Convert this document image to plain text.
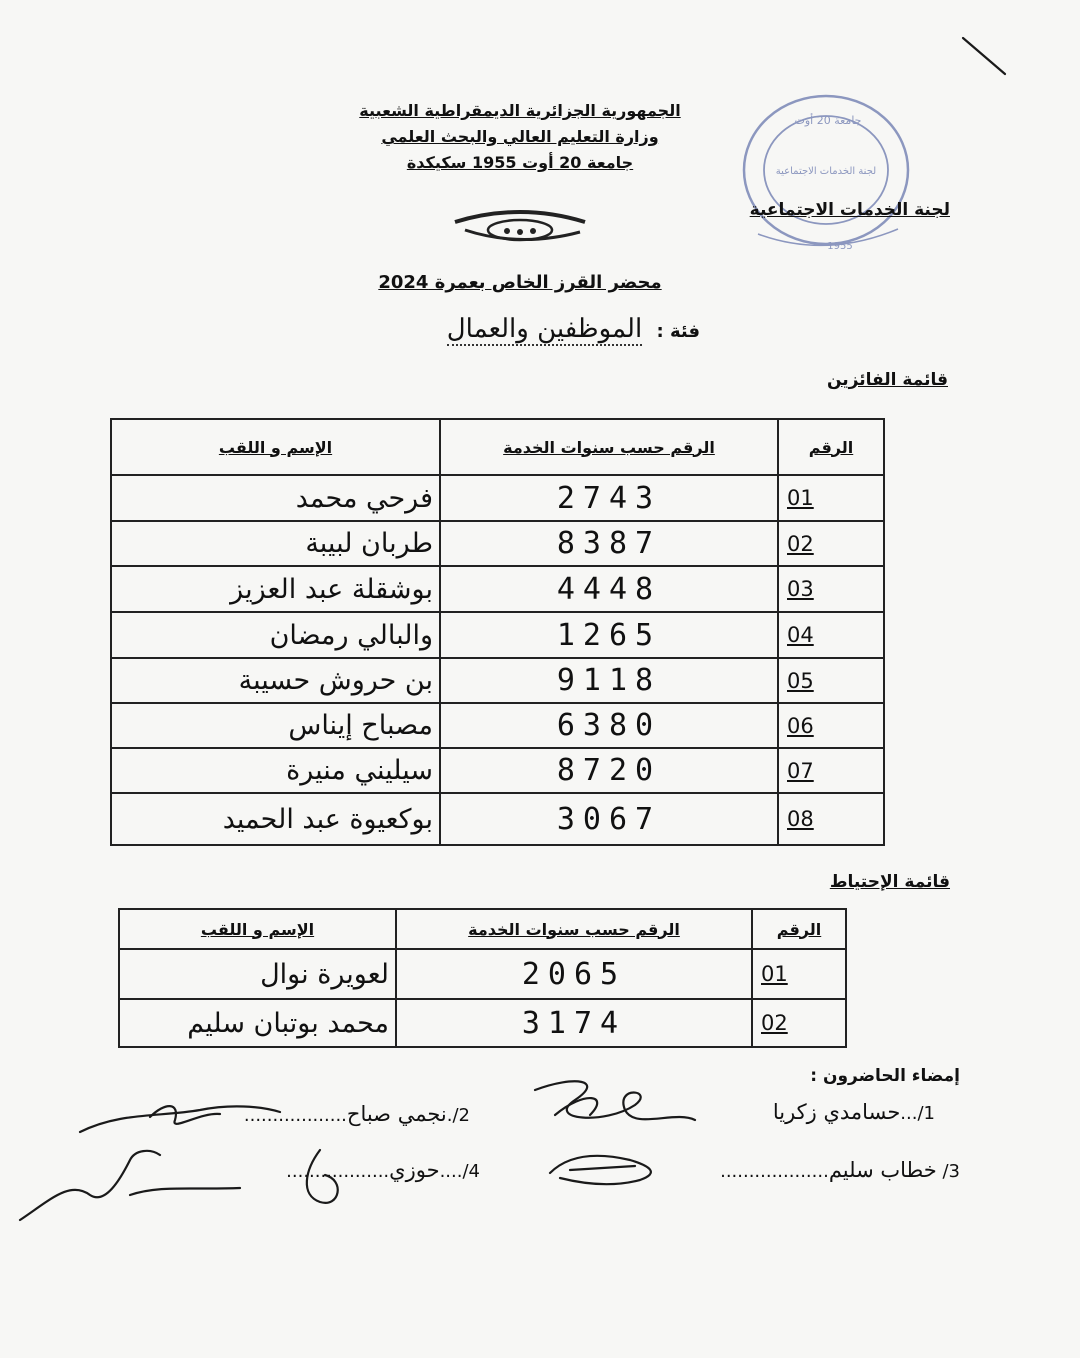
الجمهورية الجزائرية الديمقراطية الشعبية
وزارة التعليم العالي والبحث العلمي
جامعة 20 أوت 1955 سكيكدة
جامعة 20 أوت
لجنة الخدمات الاجتماعية
1955
لجنة الخدمات الاجتماعية
محضر القرز الخاص بعمرة 2024
فئة : الموظفين والعمال
قائمة الفائزين
الرقم	الرقم حسب سنوات الخدمة	الإسم و اللقب
01	2743	فرحي محمد
02	8387	طربان لبيبة
03	4448	بوشقلة عبد العزيز
04	1265	والبالي رمضان
05	9118	بن حروش حسيبة
06	6380	مصباح إيناس
07	8720	سيليني منيرة
08	3067	بوكعيوة عبد الحميد
قائمة الإحتياط
الرقم	الرقم حسب سنوات الخدمة	الإسم و اللقب
01	2065	لعويرة نوال
02	3174	محمد بوتبان سليم
إمضاء الحاضرون :
1/...حسامدي زكريا
2/.نجمي صباح..................
3/ خطاب سليم...................
4/....حوزي..................
